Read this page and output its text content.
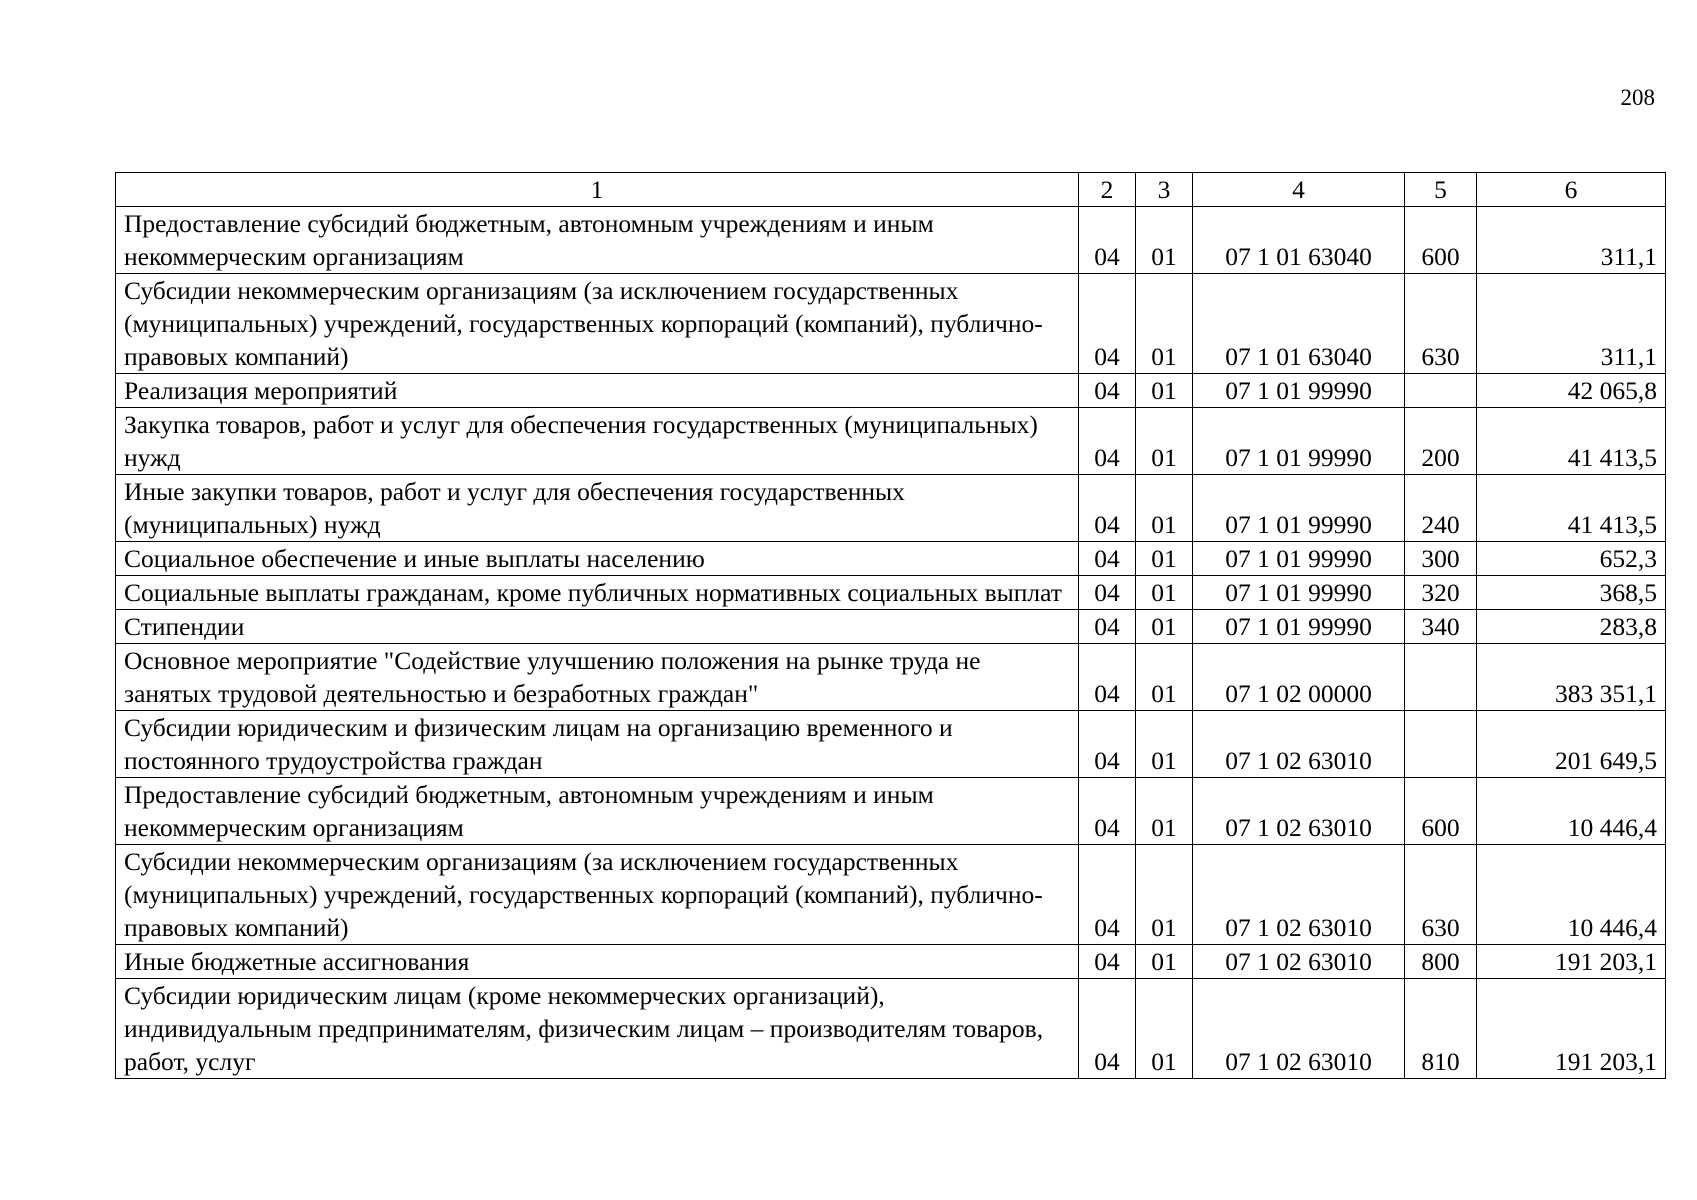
208
1	2	3	4	5	6
Предоставление субсидий бюджетным, автономным учреждениям и иным некоммерческим организациям	04	01	07 1 01 63040	600	311,1
Субсидии некоммерческим организациям (за исключением государственных (муниципальных) учреждений, государственных корпораций (компаний), публично-правовых компаний)	04	01	07 1 01 63040	630	311,1
Реализация мероприятий	04	01	07 1 01 99990		42 065,8
Закупка товаров, работ и услуг для обеспечения государственных (муниципальных) нужд	04	01	07 1 01 99990	200	41 413,5
Иные закупки товаров, работ и услуг для обеспечения государственных (муниципальных) нужд	04	01	07 1 01 99990	240	41 413,5
Социальное обеспечение и иные выплаты населению	04	01	07 1 01 99990	300	652,3
Социальные выплаты гражданам, кроме публичных нормативных социальных выплат	04	01	07 1 01 99990	320	368,5
Стипендии	04	01	07 1 01 99990	340	283,8
Основное мероприятие "Содействие улучшению положения на рынке труда не занятых трудовой деятельностью и безработных граждан"	04	01	07 1 02 00000		383 351,1
Субсидии юридическим и физическим лицам на организацию временного и постоянного трудоустройства граждан	04	01	07 1 02 63010		201 649,5
Предоставление субсидий бюджетным, автономным учреждениям и иным некоммерческим организациям	04	01	07 1 02 63010	600	10 446,4
Субсидии некоммерческим организациям (за исключением государственных (муниципальных) учреждений, государственных корпораций (компаний), публично-правовых компаний)	04	01	07 1 02 63010	630	10 446,4
Иные бюджетные ассигнования	04	01	07 1 02 63010	800	191 203,1
Субсидии юридическим лицам (кроме некоммерческих организаций), индивидуальным предпринимателям, физическим лицам – производителям товаров, работ, услуг	04	01	07 1 02 63010	810	191 203,1
